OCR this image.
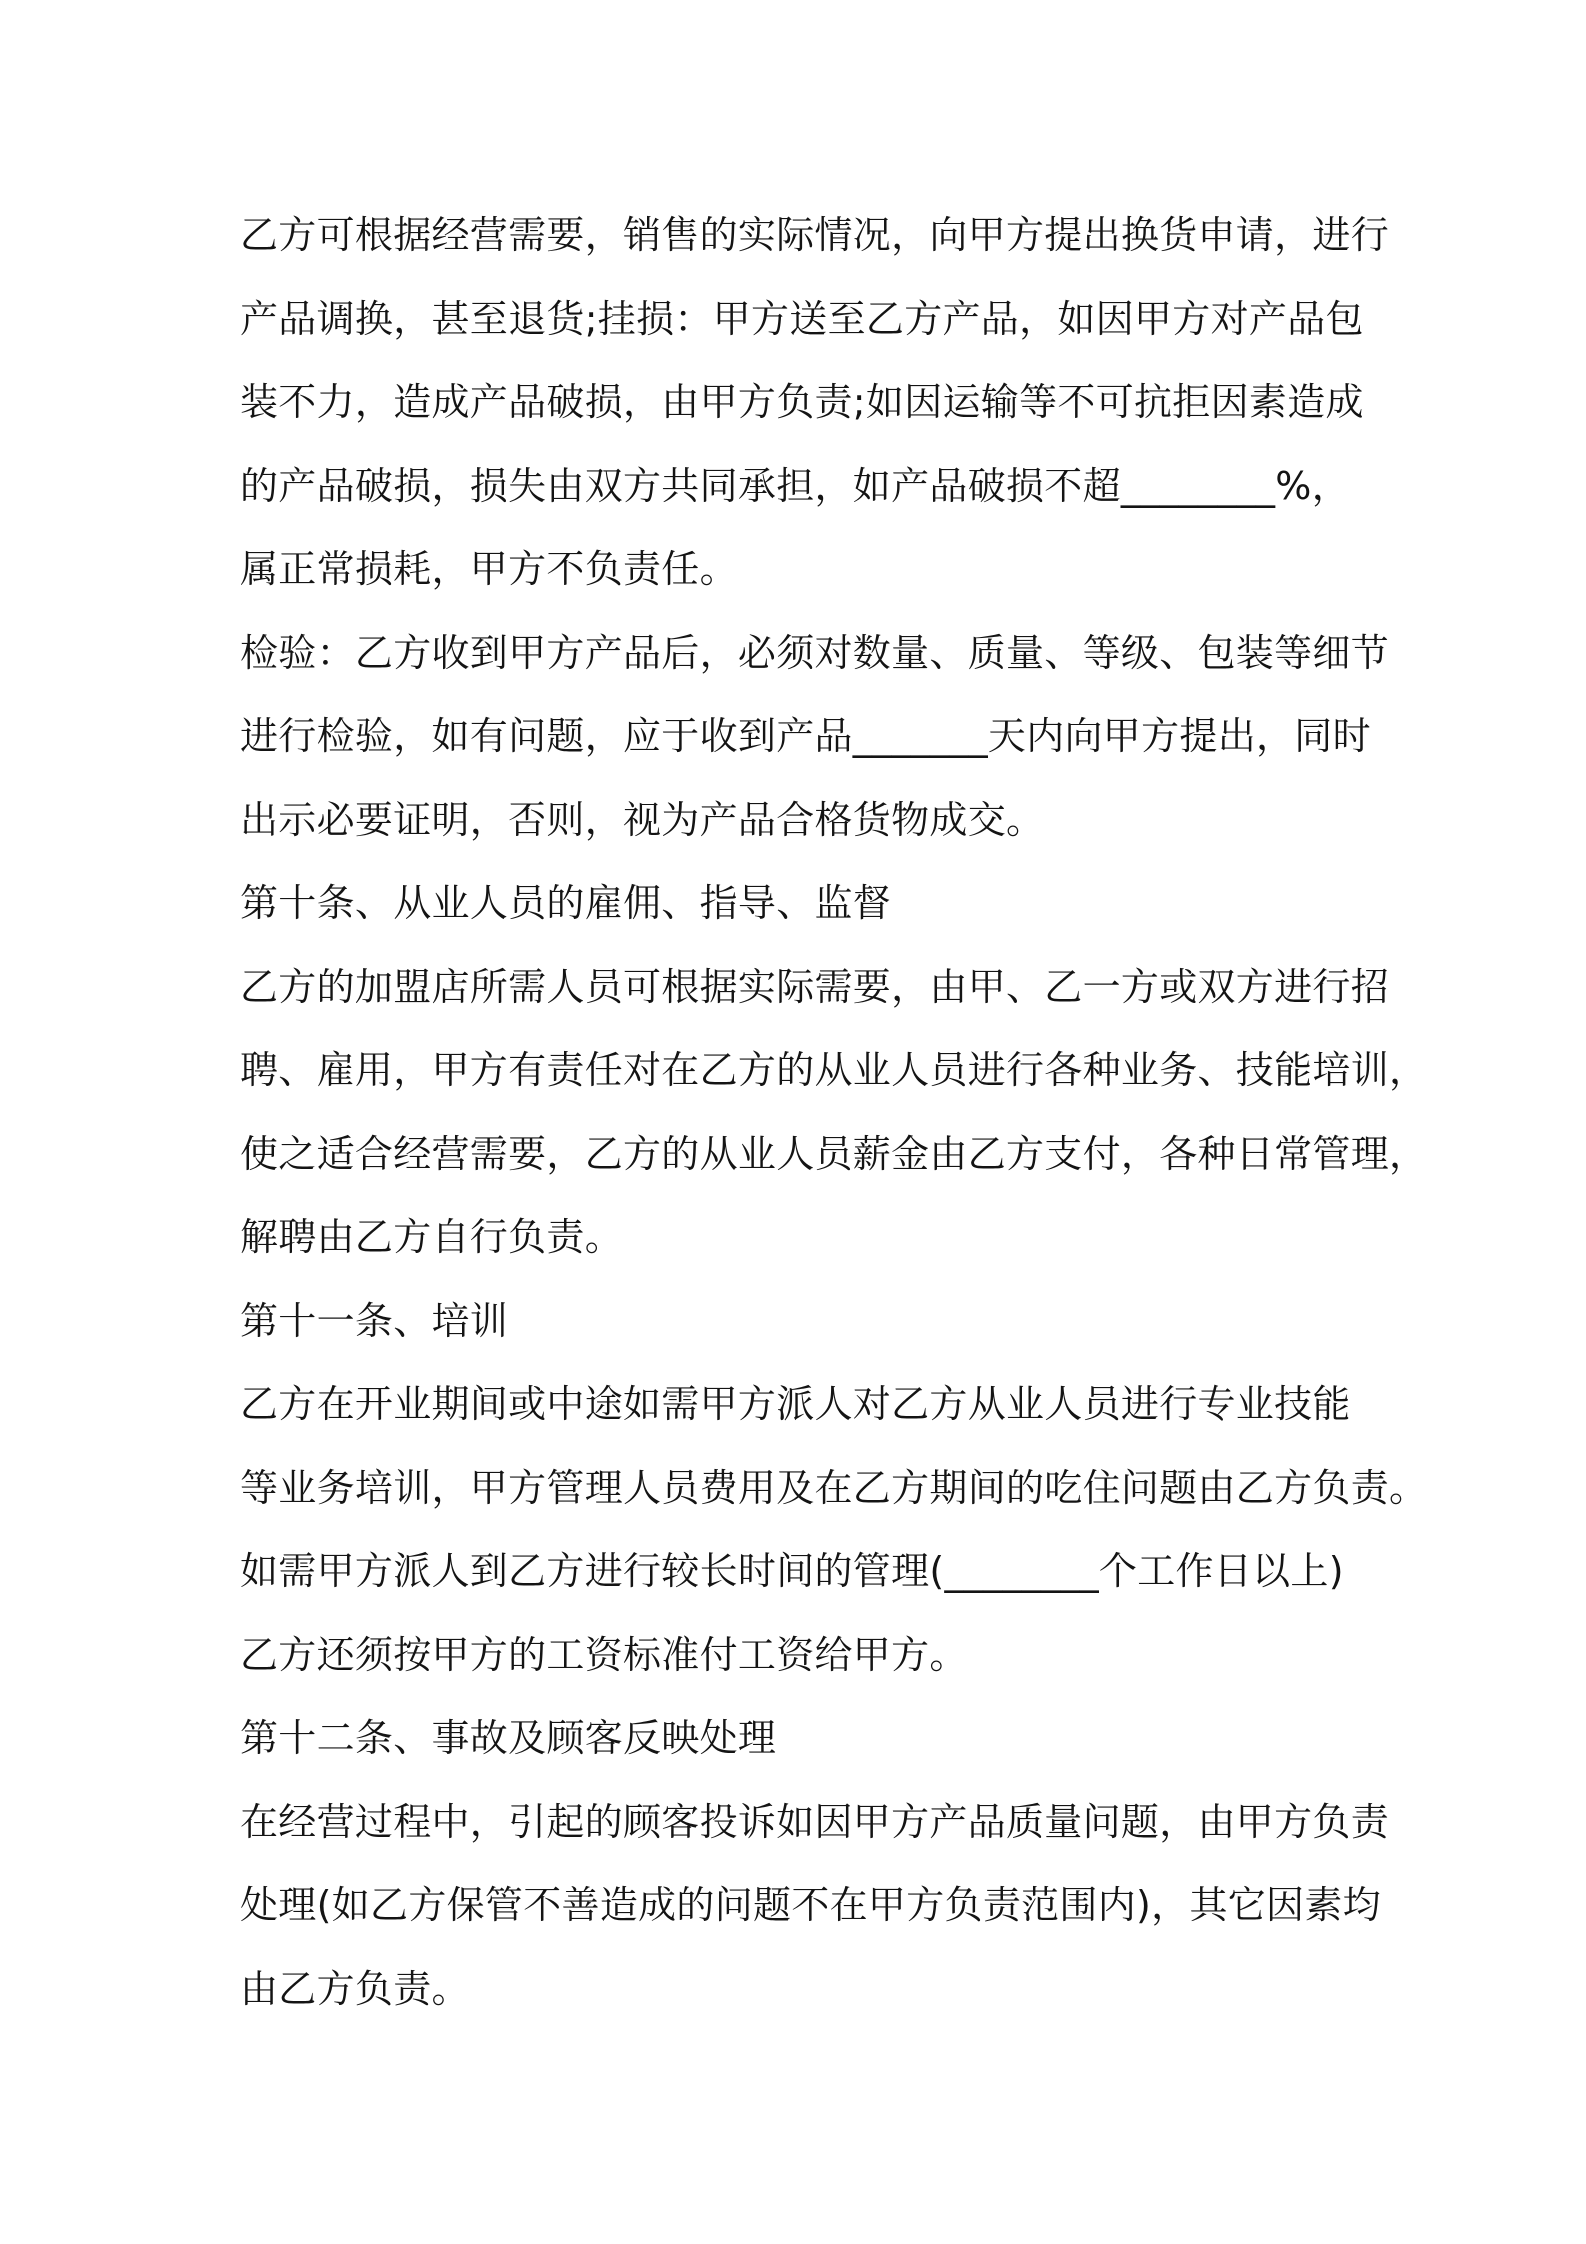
乙方可根据经营需要，销售的实际情况，向甲方提出换货申请，进行
产品调换，甚至退货;挂损：甲方送至乙方产品，如因甲方对产品包
装不力，造成产品破损，由甲方负责;如因运输等不可抗拒因素造成
的产品破损，损失由双方共同承担，如产品破损不超________%，
属正常损耗，甲方不负责任。
检验：乙方收到甲方产品后，必须对数量、质量、等级、包装等细节
进行检验，如有问题，应于收到产品_______天内向甲方提出，同时
出示必要证明，否则，视为产品合格货物成交。
第十条、从业人员的雇佣、指导、监督
乙方的加盟店所需人员可根据实际需要，由甲、乙一方或双方进行招
聘、雇用，甲方有责任对在乙方的从业人员进行各种业务、技能培训，
使之适合经营需要，乙方的从业人员薪金由乙方支付，各种日常管理，
解聘由乙方自行负责。
第十一条、培训
乙方在开业期间或中途如需甲方派人对乙方从业人员进行专业技能
等业务培训，甲方管理人员费用及在乙方期间的吃住问题由乙方负责。
如需甲方派人到乙方进行较长时间的管理(________个工作日以上)
乙方还须按甲方的工资标准付工资给甲方。
第十二条、事故及顾客反映处理
在经营过程中，引起的顾客投诉如因甲方产品质量问题，由甲方负责
处理(如乙方保管不善造成的问题不在甲方负责范围内)，其它因素均
由乙方负责。
